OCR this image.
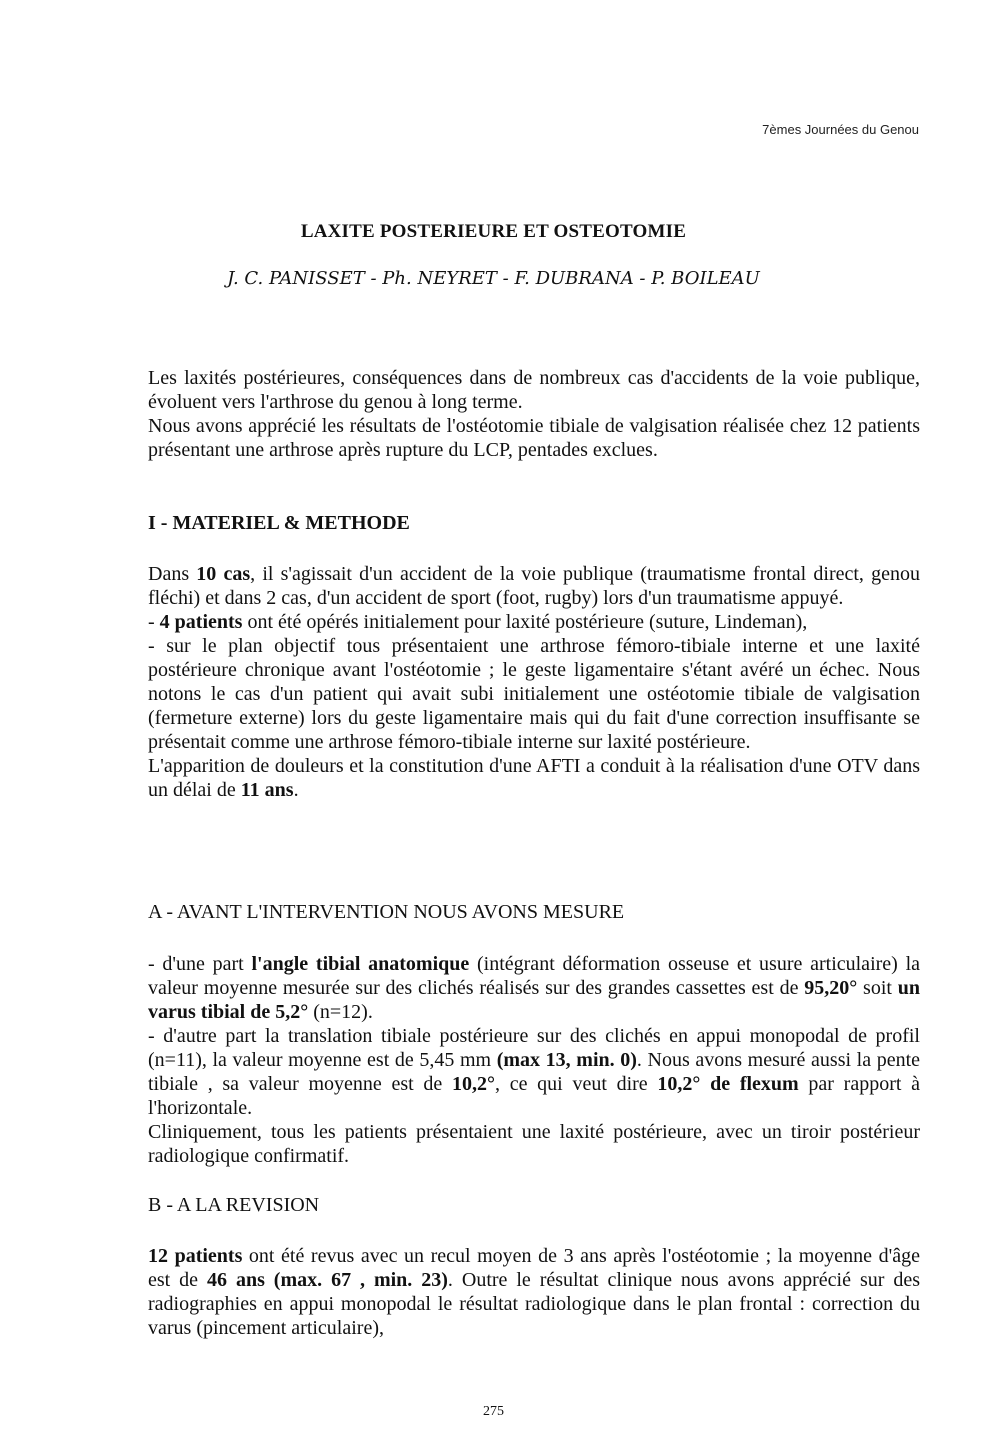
7èmes Journées du Genou
LAXITE POSTERIEURE ET OSTEOTOMIE
J. C. PANISSET - Ph. NEYRET - F. DUBRANA - P. BOILEAU

Les laxités postérieures, conséquences dans de nombreux cas d'accidents de la voie publique, évoluent vers l'arthrose du genou à long terme.

Nous avons apprécié les résultats de l'ostéotomie tibiale de valgisation réalisée chez 12 patients présentant une arthrose après rupture du LCP, pentades exclues.

I - MATERIEL & METHODE

Dans 10 cas, il s'agissait d'un accident de la voie publique (traumatisme frontal direct, genou fléchi) et dans 2 cas, d'un accident de sport (foot, rugby) lors d'un traumatisme appuyé.

- 4 patients ont été opérés initialement pour laxité postérieure (suture, Lindeman),

- sur le plan objectif tous présentaient une arthrose fémoro-tibiale interne et une laxité postérieure chronique avant l'ostéotomie ; le geste ligamentaire s'étant avéré un échec. Nous notons le cas d'un patient qui avait subi initialement une ostéotomie tibiale de valgisation (fermeture externe) lors du geste ligamentaire mais qui du fait d'une correction insuffisante se présentait comme une arthrose fémoro-tibiale interne sur laxité postérieure.

L'apparition de douleurs et la constitution d'une AFTI a conduit à la réalisation d'une OTV dans un délai de 11 ans.

A - AVANT L'INTERVENTION NOUS AVONS MESURE

- d'une part l'angle tibial anatomique (intégrant déformation osseuse et usure articulaire) la valeur moyenne mesurée sur des clichés réalisés sur des grandes cassettes est de 95,20° soit un varus tibial de 5,2° (n=12).

- d'autre part la translation tibiale postérieure sur des clichés en appui monopodal de profil (n=11), la valeur moyenne est de 5,45 mm (max 13, min. 0). Nous avons mesuré aussi la pente tibiale , sa valeur moyenne est de 10,2°, ce qui veut dire 10,2° de flexum par rapport à l'horizontale.

Cliniquement, tous les patients présentaient une laxité postérieure, avec un tiroir postérieur radiologique confirmatif.

B - A LA REVISION

12 patients ont été revus avec un recul moyen de 3 ans après l'ostéotomie ; la moyenne d'âge est de 46 ans (max. 67 , min. 23). Outre le résultat clinique nous avons apprécié sur des radiographies en appui monopodal le résultat radiologique dans le plan frontal : correction du varus (pincement articulaire),

275
